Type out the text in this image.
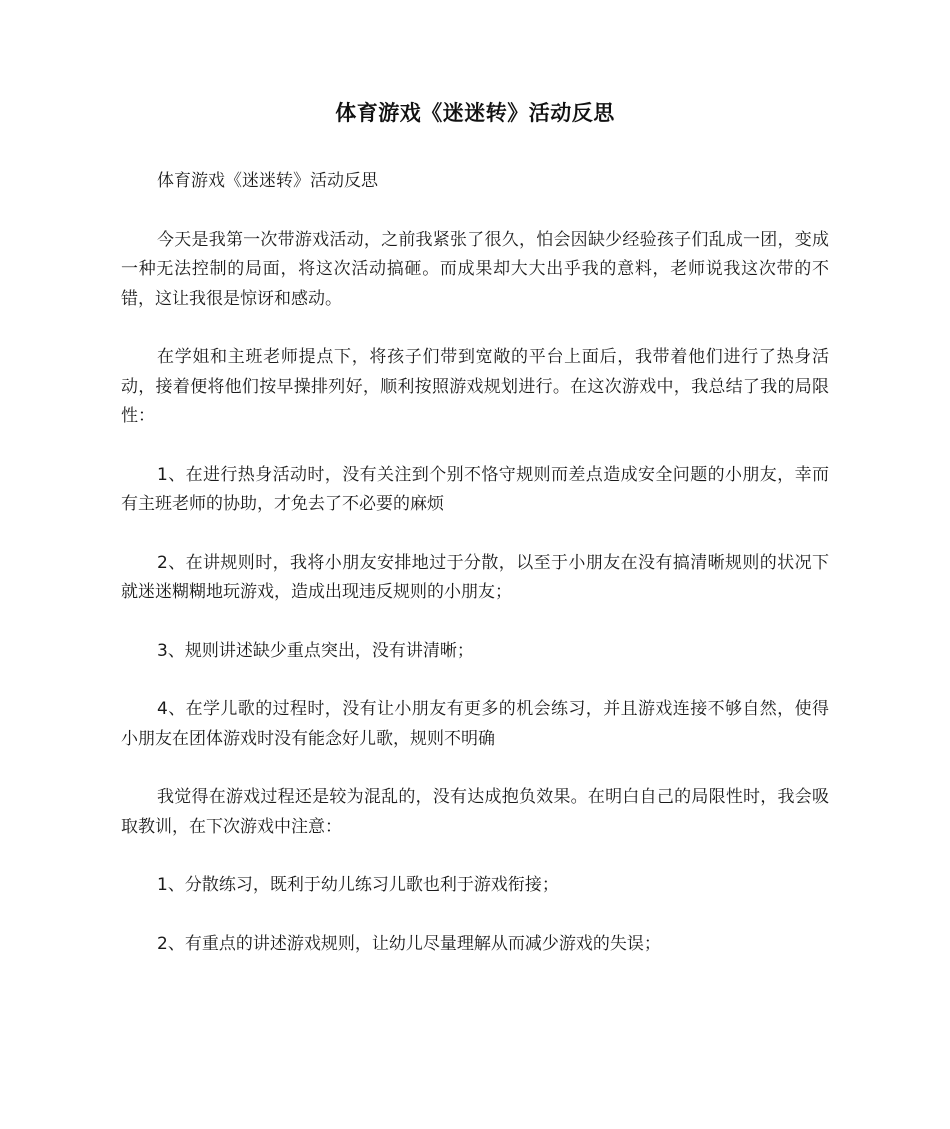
体育游戏《迷迷转》活动反思

体育游戏《迷迷转》活动反思

今天是我第一次带游戏活动，之前我紧张了很久，怕会因缺少经验孩子们乱成一团，变成一种无法控制的局面，将这次活动搞砸。而成果却大大出乎我的意料，老师说我这次带的不错，这让我很是惊讶和感动。

在学姐和主班老师提点下，将孩子们带到宽敞的平台上面后，我带着他们进行了热身活动，接着便将他们按早操排列好，顺利按照游戏规划进行。在这次游戏中，我总结了我的局限性：

1、在进行热身活动时，没有关注到个别不恪守规则而差点造成安全问题的小朋友，幸而有主班老师的协助，才免去了不必要的麻烦

2、在讲规则时，我将小朋友安排地过于分散，以至于小朋友在没有搞清晰规则的状况下就迷迷糊糊地玩游戏，造成出现违反规则的小朋友；

3、规则讲述缺少重点突出，没有讲清晰；

4、在学儿歌的过程时，没有让小朋友有更多的机会练习，并且游戏连接不够自然，使得小朋友在团体游戏时没有能念好儿歌，规则不明确

我觉得在游戏过程还是较为混乱的，没有达成抱负效果。在明白自己的局限性时，我会吸取教训，在下次游戏中注意：

1、分散练习，既利于幼儿练习儿歌也利于游戏衔接；

2、有重点的讲述游戏规则，让幼儿尽量理解从而减少游戏的失误；
